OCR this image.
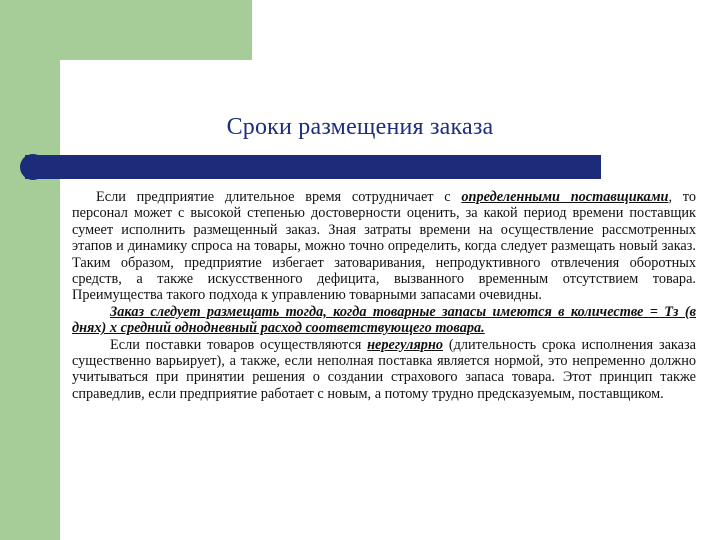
Сроки размещения заказа

Если предприятие длительное время сотрудничает с определенными поставщиками, то персонал может с высокой степенью достоверности оценить, за какой период времени поставщик сумеет исполнить размещенный заказ. Зная затраты времени на осуществление рассмотренных этапов и динамику спроса на товары, можно точно определить, когда следует размещать новый заказ. Таким образом, предприятие избегает затоваривания, непродуктивного отвлечения оборотных средств, а также искусственного дефицита, вызванного временным отсутствием товара. Преимущества такого подхода к управлению товарными запасами очевидны.

Заказ следует размещать тогда, когда товарные запасы имеются в количестве = Тз (в днях) х средний однодневный расход соответствующего товара.

Если поставки товаров осуществляются нерегулярно (длительность срока исполнения заказа существенно варьирует), а также, если неполная поставка является нормой, это непременно должно учитываться при принятии решения о создании страхового запаса товара. Этот принцип также справедлив, если предприятие работает с новым, а потому трудно предсказуемым, поставщиком.
